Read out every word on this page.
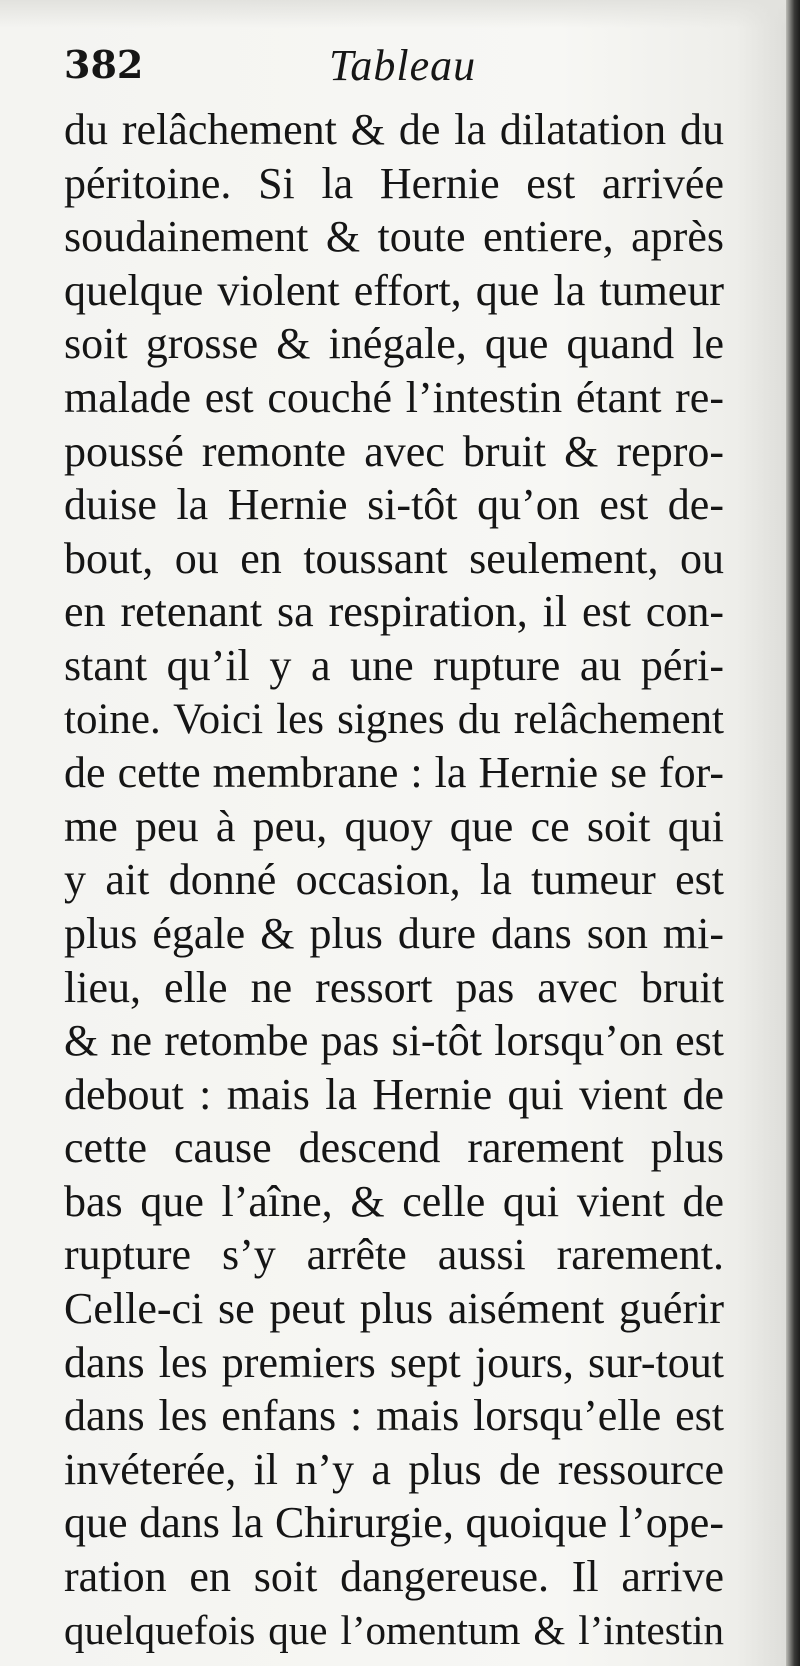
382	Tableau
du relâchement & de la dilatation du
péritoine. Si la Hernie est arrivée
soudainement & toute entiere, après
quelque violent effort, que la tumeur
soit grosse & inégale, que quand le
malade est couché l’intestin étant re-
poussé remonte avec bruit & repro-
duise la Hernie si-tôt qu’on est de-
bout, ou en toussant seulement, ou
en retenant sa respiration, il est con-
stant qu’il y a une rupture au péri-
toine. Voici les signes du relâchement
de cette membrane : la Hernie se for-
me peu à peu, quoy que ce soit qui
y ait donné occasion, la tumeur est
plus égale & plus dure dans son mi-
lieu, elle ne ressort pas avec bruit
& ne retombe pas si-tôt lorsqu’on est
debout : mais la Hernie qui vient de
cette cause descend rarement plus
bas que l’aîne, & celle qui vient de
rupture s’y arrête aussi rarement.
Celle-ci se peut plus aisément guérir
dans les premiers sept jours, sur-tout
dans les enfans : mais lorsqu’elle est
invéterée, il n’y a plus de ressource
que dans la Chirurgie, quoique l’ope-
ration en soit dangereuse. Il arrive
quelquefois que l’omentum & l’intestin
